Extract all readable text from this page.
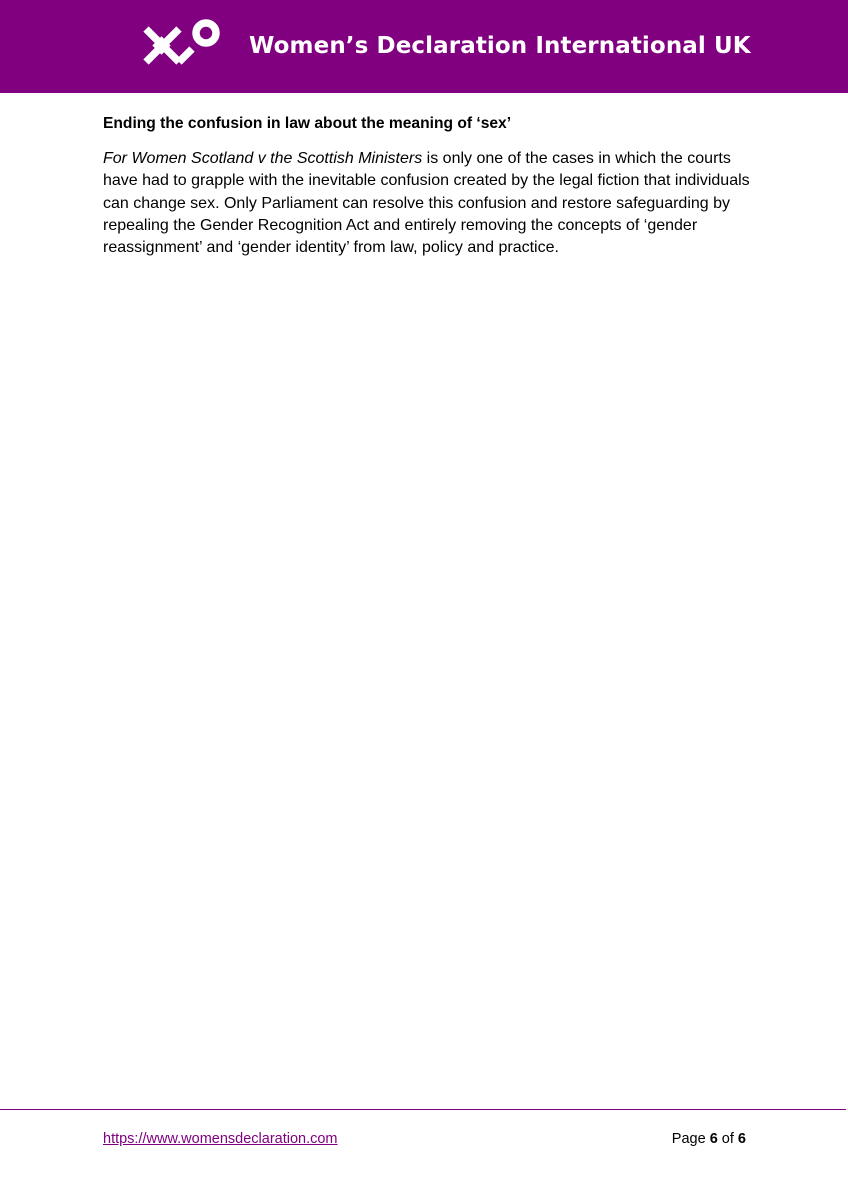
Women’s Declaration International UK
Ending the confusion in law about the meaning of ‘sex’

For Women Scotland v the Scottish Ministers is only one of the cases in which the courts have had to grapple with the inevitable confusion created by the legal fiction that individuals can change sex. Only Parliament can resolve this confusion and restore safeguarding by repealing the Gender Recognition Act and entirely removing the concepts of ‘gender reassignment’ and ‘gender identity’ from law, policy and practice.

https://www.womensdeclaration.com	Page 6 of 6
